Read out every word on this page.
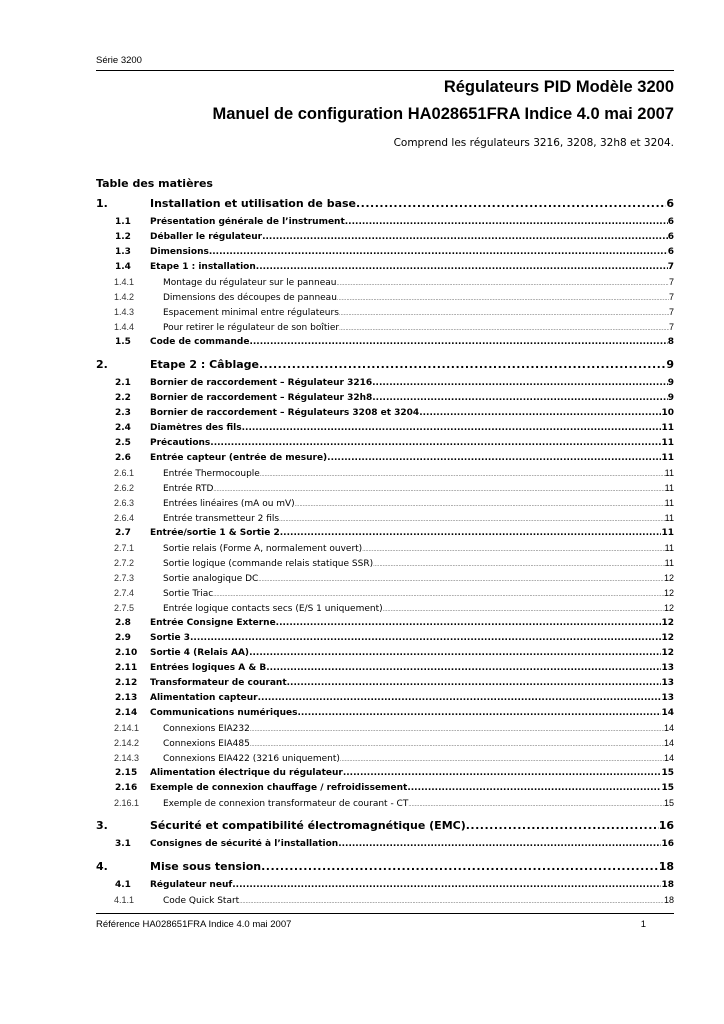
Série 3200
Régulateurs PID Modèle 3200
Manuel de configuration HA028651FRA Indice 4.0 mai 2007
Comprend les régulateurs 3216, 3208, 32h8 et 3204.
Table des matières
1.	Installation et utilisation de base .....	6
1.1	Présentation générale de l’instrument .....	6
1.2	Déballer le régulateur .....	6
1.3	Dimensions .....	6
1.4	Etape 1 : installation .....	7
1.4.1	Montage du régulateur sur le panneau .....	7
1.4.2	Dimensions des découpes de panneau .....	7
1.4.3	Espacement minimal entre régulateurs .....	7
1.4.4	Pour retirer le régulateur de son boîtier .....	7
1.5	Code de commande .....	8
2.	Etape 2 : Câblage .....	9
2.1	Bornier de raccordement – Régulateur 3216 .....	9
2.2	Bornier de raccordement – Régulateur 32h8 .....	9
2.3	Bornier de raccordement – Régulateurs 3208 et 3204 .....	10
2.4	Diamètres des fils .....	11
2.5	Précautions .....	11
2.6	Entrée capteur (entrée de mesure) .....	11
2.6.1	Entrée Thermocouple .....	11
2.6.2	Entrée RTD .....	11
2.6.3	Entrées linéaires (mA ou mV) .....	11
2.6.4	Entrée transmetteur 2 fils .....	11
2.7	Entrée/sortie 1 & Sortie 2 .....	11
2.7.1	Sortie relais (Forme A, normalement ouvert) .....	11
2.7.2	Sortie logique (commande relais statique SSR) .....	11
2.7.3	Sortie analogique DC .....	12
2.7.4	Sortie Triac .....	12
2.7.5	Entrée logique contacts secs (E/S 1 uniquement) .....	12
2.8	Entrée Consigne Externe .....	12
2.9	Sortie 3 .....	12
2.10	Sortie 4 (Relais AA) .....	12
2.11	Entrées logiques A & B .....	13
2.12	Transformateur de courant .....	13
2.13	Alimentation capteur .....	13
2.14	Communications numériques .....	14
2.14.1	Connexions EIA232 .....	14
2.14.2	Connexions EIA485 .....	14
2.14.3	Connexions EIA422 (3216 uniquement) .....	14
2.15	Alimentation électrique du régulateur .....	15
2.16	Exemple de connexion chauffage / refroidissement .....	15
2.16.1	Exemple de connexion transformateur de courant - CT .....	15
3.	Sécurité et compatibilité électromagnétique (EMC) .....	16
3.1	Consignes de sécurité à l’installation .....	16
4.	Mise sous tension .....	18
4.1	Régulateur neuf .....	18
4.1.1	Code Quick Start .....	18
Référence HA028651FRA Indice 4.0 mai 2007	1
